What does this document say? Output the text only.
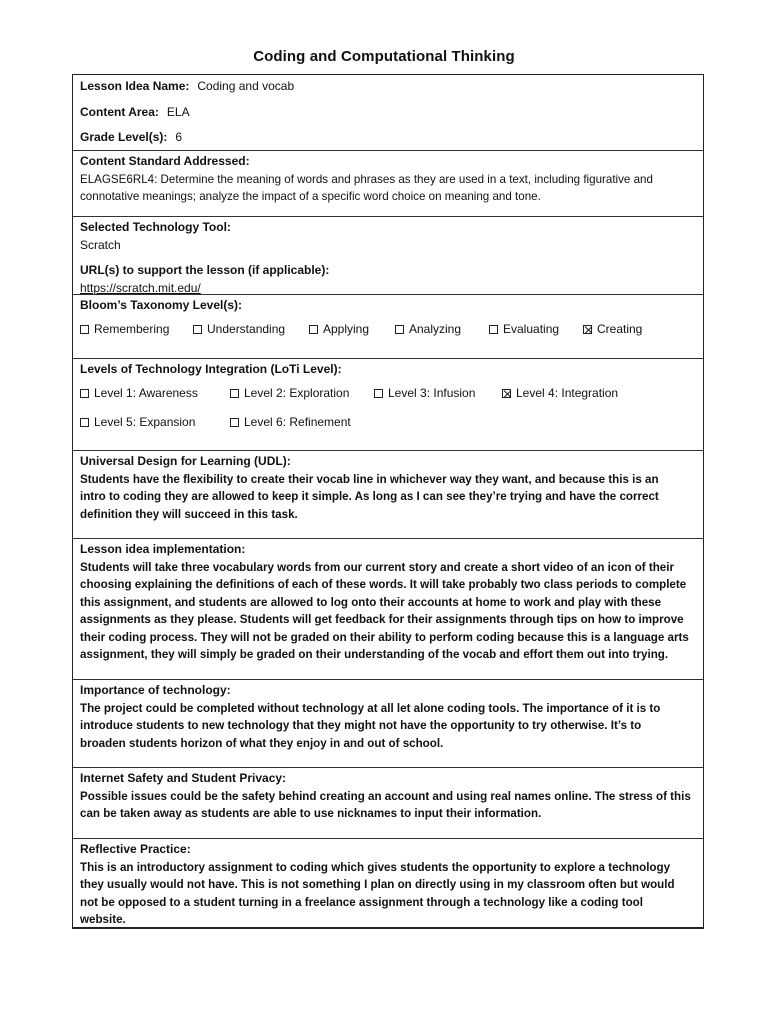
Coding and Computational Thinking
Lesson Idea Name: Coding and vocab
Content Area: ELA
Grade Level(s): 6
Content Standard Addressed:
ELAGSE6RL4: Determine the meaning of words and phrases as they are used in a text, including figurative and
connotative meanings; analyze the impact of a specific word choice on meaning and tone.
Selected Technology Tool:
Scratch
URL(s) to support the lesson (if applicable):
https://scratch.mit.edu/
Bloom’s Taxonomy Level(s):
Remembering	Understanding	Applying	Analyzing	Evaluating	Creating
Levels of Technology Integration (LoTi Level):
Level 1: Awareness	Level 2: Exploration	Level 3: Infusion	Level 4: Integration
Level 5: Expansion	Level 6: Refinement
Universal Design for Learning (UDL):
Students have the flexibility to create their vocab line in whichever way they want, and because this is an
intro to coding they are allowed to keep it simple. As long as I can see they’re trying and have the correct
definition they will succeed in this task.
Lesson idea implementation:
Students will take three vocabulary words from our current story and create a short video of an icon of their
choosing explaining the definitions of each of these words. It will take probably two class periods to complete
this assignment, and students are allowed to log onto their accounts at home to work and play with these
assignments as they please. Students will get feedback for their assignments through tips on how to improve
their coding process. They will not be graded on their ability to perform coding because this is a language arts
assignment, they will simply be graded on their understanding of the vocab and effort them out into trying.
Importance of technology:
The project could be completed without technology at all let alone coding tools. The importance of it is to
introduce students to new technology that they might not have the opportunity to try otherwise. It’s to
broaden students horizon of what they enjoy in and out of school.
Internet Safety and Student Privacy:
Possible issues could be the safety behind creating an account and using real names online. The stress of this
can be taken away as students are able to use nicknames to input their information.
Reflective Practice:
This is an introductory assignment to coding which gives students the opportunity to explore a technology
they usually would not have. This is not something I plan on directly using in my classroom often but would
not be opposed to a student turning in a freelance assignment through a technology like a coding tool
website.
